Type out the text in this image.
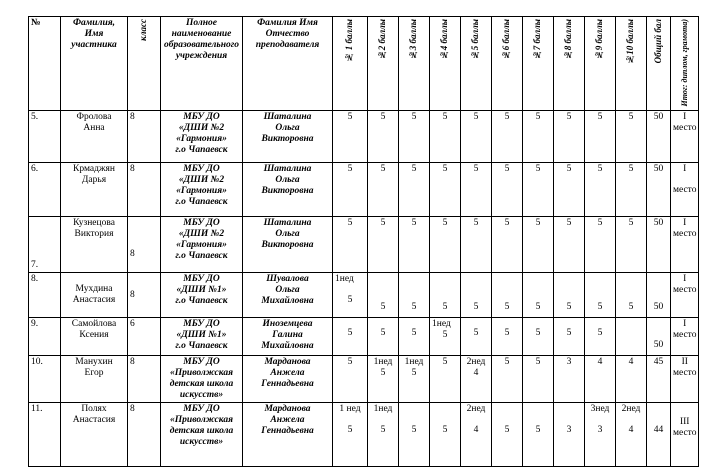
№	Фамилия, Имя участника	класс	Полное наименование образовательного учреждения	Фамилия Имя Отчество преподавателя	№ 1 баллы	№2 баллы	№3 баллы	№4 баллы	№5 баллы	№6 баллы	№7 баллы	№8 баллы	№9 баллы	№10 баллы	Общий бал	Итог: диплом, грамота)
5.	Фролова
Анна	8	МБУ ДО
«ДШИ №2
«Гармония»
г.о Чапаевск	Шаталина
Ольга
Викторовна	5	5	5	5	5	5	5	5	5	5	50	I
место

6.	Крмаджян
Дарья	8	МБУ ДО
«ДШИ №2
«Гармония»
г.о Чапаевск	Шаталина
Ольга
Викторовна	5	5	5	5	5	5	5	5	5	5	50	I
место

7.	Кузнецова
Виктория	8	МБУ ДО
«ДШИ №2
«Гармония»
г.о Чапаевск	Шаталина
Ольга
Викторовна	5	5	5	5	5	5	5	5	5	5	50	I
место

8.	Мухдина
Анастасия	8	МБУ ДО
«ДШИ №1»
г.о Чапаевск	Шувалова
Ольга
Михайловна	1нед
5	5	5	5	5	5	5	5	5	5	50	I
место

9.	Самойлова
Ксения	6	МБУ ДО
«ДШИ №1»
г.о Чапаевск	Иноземцева
Галина
Михайловна	5	5	5	1нед
5	5	5	5	5	5		50	I
место

10.	Манухин
Егор	8	МБУ ДО
«Приволжская
детская школа
искусств»	Марданова
Анжела
Геннадьевна	5	1нед
5	1нед
5	5	2нед
4	5	5	3	4	4	45	II
место

11.	Полях
Анастасия	8	МБУ ДО
«Приволжская
детская школа
искусств»	Марданова
Анжела
Геннадьевна	1 нед
5	1нед
5	5	5	2нед
4	5	5	3	3нед
3	2нед
4	44	III
место
